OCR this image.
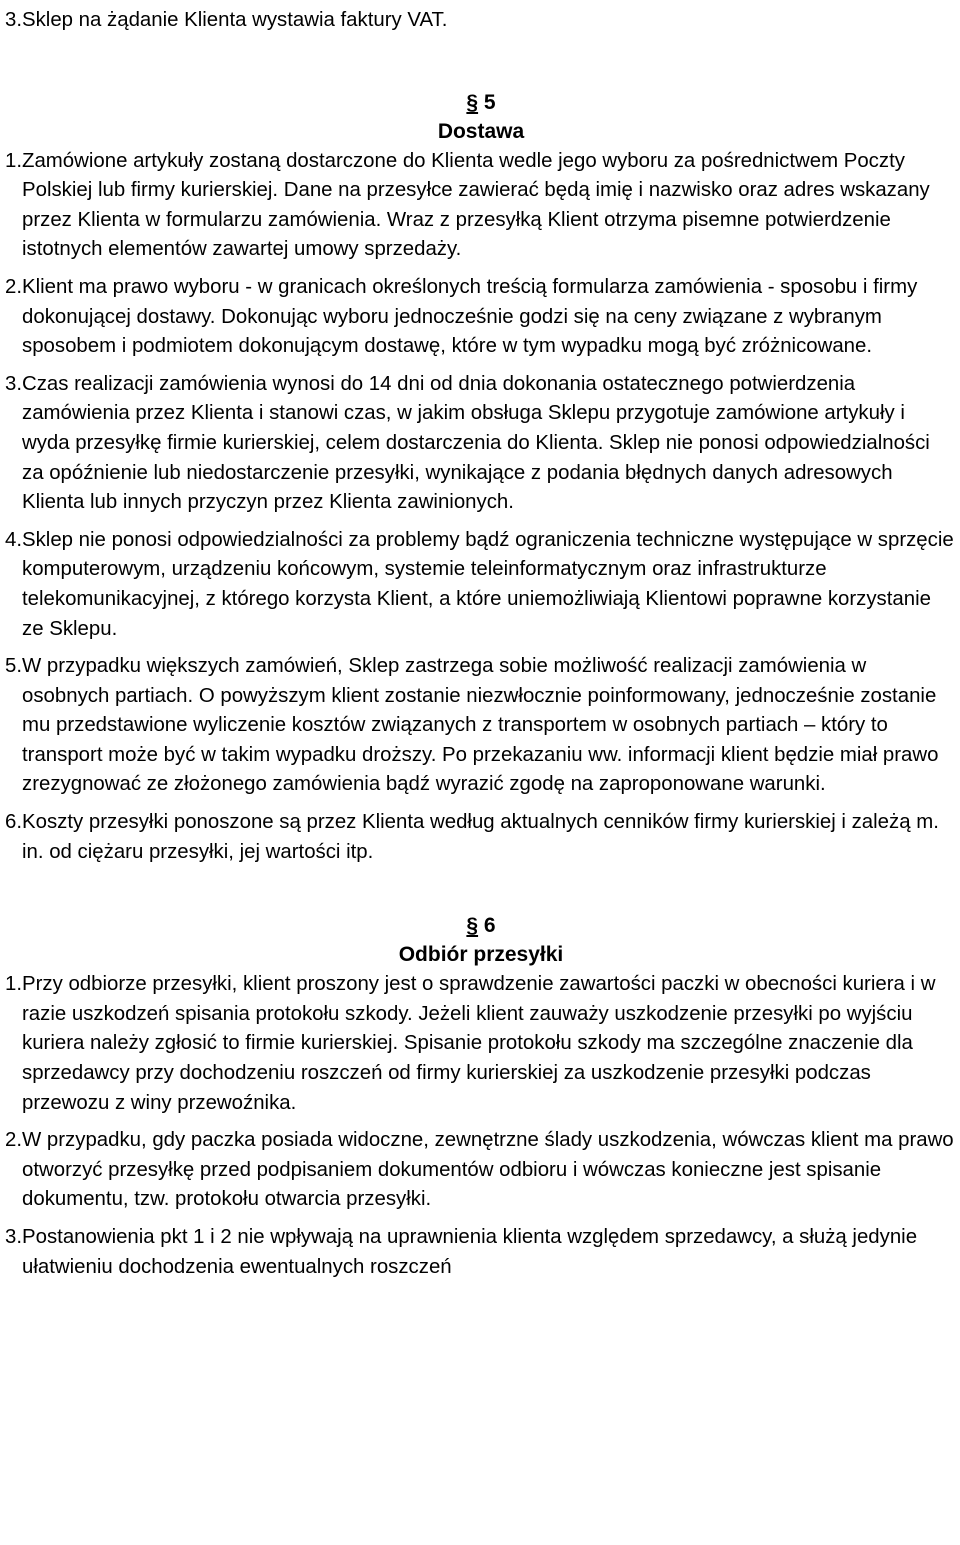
3. Sklep na żądanie Klienta wystawia faktury VAT.

§ 5

Dostawa

1. Zamówione artykuły zostaną dostarczone do Klienta wedle jego wyboru za pośrednictwem Poczty Polskiej lub firmy kurierskiej. Dane na przesyłce zawierać będą imię i nazwisko oraz adres wskazany przez Klienta w formularzu zamówienia. Wraz z przesyłką Klient otrzyma pisemne potwierdzenie istotnych elementów zawartej umowy sprzedaży.

2. Klient ma prawo wyboru - w granicach określonych treścią formularza zamówienia - sposobu i firmy dokonującej dostawy. Dokonując wyboru jednocześnie godzi się na ceny związane z wybranym sposobem i podmiotem dokonującym dostawę, które w tym wypadku mogą być zróżnicowane.

3. Czas realizacji zamówienia wynosi do 14 dni od dnia dokonania ostatecznego potwierdzenia zamówienia przez Klienta i stanowi czas, w jakim obsługa Sklepu przygotuje zamówione artykuły i wyda przesyłkę firmie kurierskiej, celem dostarczenia do Klienta. Sklep nie ponosi odpowiedzialności za opóźnienie lub niedostarczenie przesyłki, wynikające z podania błędnych danych adresowych Klienta lub innych przyczyn przez Klienta zawinionych.

4. Sklep nie ponosi odpowiedzialności za problemy bądź ograniczenia techniczne występujące w sprzęcie komputerowym, urządzeniu końcowym, systemie teleinformatycznym oraz infrastrukturze telekomunikacyjnej, z którego korzysta Klient, a które uniemożliwiają Klientowi poprawne korzystanie ze Sklepu.

5. W przypadku większych zamówień, Sklep zastrzega sobie możliwość realizacji zamówienia w osobnych partiach. O powyższym klient zostanie niezwłocznie poinformowany, jednocześnie zostanie mu przedstawione wyliczenie kosztów związanych z transportem w osobnych partiach – który to transport może być w takim wypadku droższy. Po przekazaniu ww. informacji klient będzie miał prawo zrezygnować ze złożonego zamówienia bądź wyrazić zgodę na zaproponowane warunki.

6. Koszty przesyłki ponoszone są przez Klienta według aktualnych cenników firmy kurierskiej i zależą m. in. od ciężaru przesyłki, jej wartości itp.

§ 6

Odbiór przesyłki

1. Przy odbiorze przesyłki, klient proszony jest o sprawdzenie zawartości paczki w obecności kuriera i w razie uszkodzeń spisania protokołu szkody. Jeżeli klient zauważy uszkodzenie przesyłki po wyjściu kuriera należy zgłosić to firmie kurierskiej. Spisanie protokołu szkody ma szczególne znaczenie dla sprzedawcy przy dochodzeniu roszczeń od firmy kurierskiej za uszkodzenie przesyłki podczas przewozu z winy przewoźnika.

2. W przypadku, gdy paczka posiada widoczne, zewnętrzne ślady uszkodzenia, wówczas klient ma prawo otworzyć przesyłkę przed podpisaniem dokumentów odbioru i wówczas konieczne jest spisanie dokumentu, tzw. protokołu otwarcia przesyłki.

3. Postanowienia pkt 1 i 2 nie wpływają na uprawnienia klienta względem sprzedawcy, a służą jedynie ułatwieniu dochodzenia ewentualnych roszczeń
